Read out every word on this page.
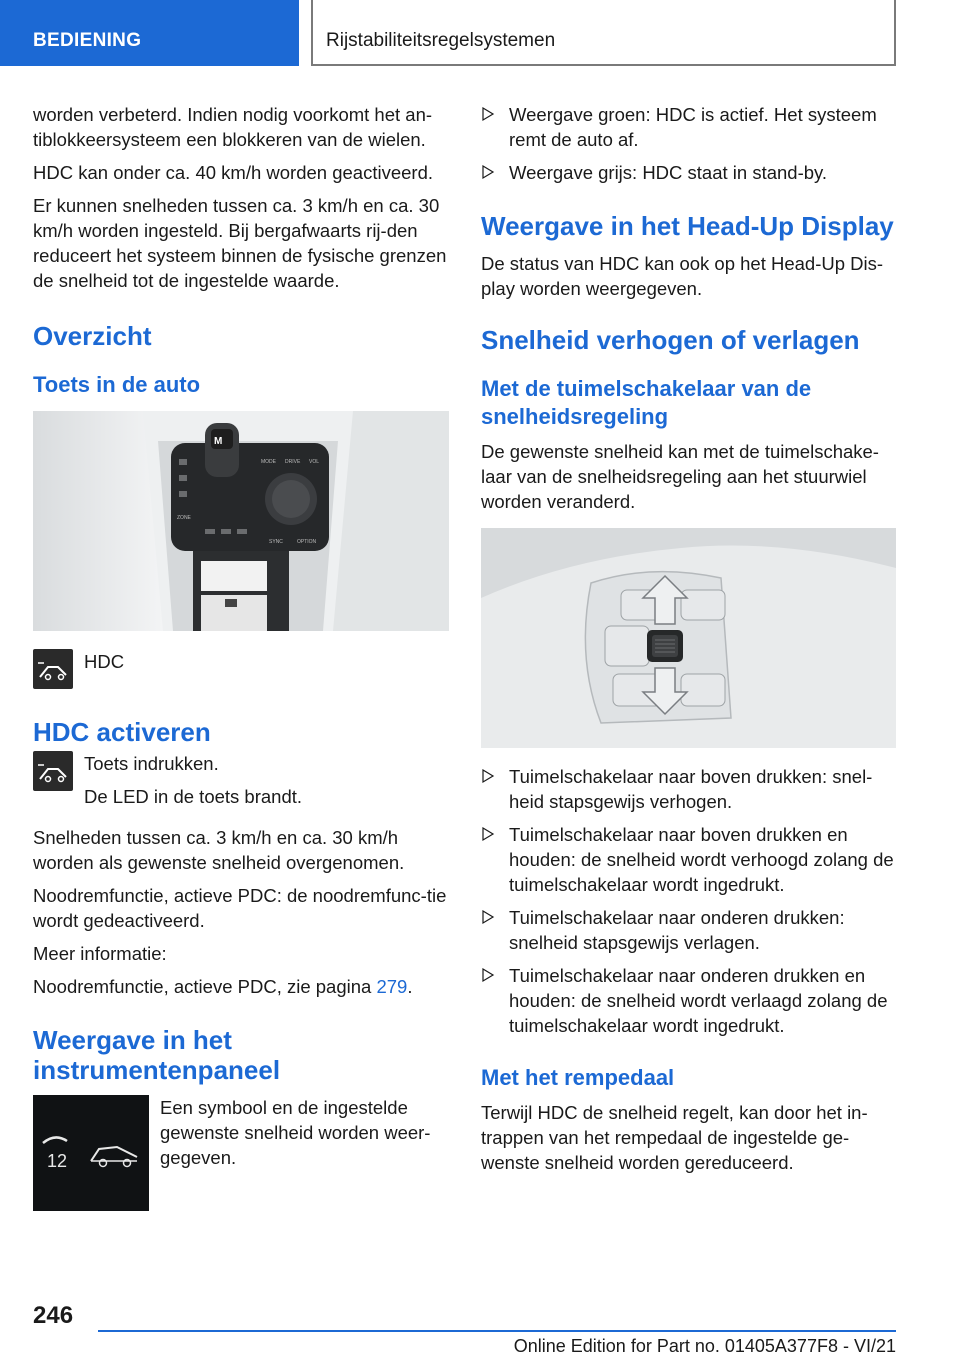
BEDIENING	Rijstabiliteitsregelsystemen

worden verbeterd. Indien nodig voorkomt het an-tiblokkeersysteem een blokkeren van de wielen.

HDC kan onder ca. 40 km/h worden geactiveerd.

Er kunnen snelheden tussen ca. 3 km/h en ca. 30 km/h worden ingesteld. Bij bergafwaarts rij-den reduceert het systeem binnen de fysische grenzen de snelheid tot de ingestelde waarde.

Overzicht
Toets in de auto
M
MODE DRIVE VOL
ZONE
SYNC	OPTION
HDC
HDC activeren

Toets indrukken.

De LED in de toets brandt.

Snelheden tussen ca. 3 km/h en ca. 30 km/h worden als gewenste snelheid overgenomen.

Noodremfunctie, actieve PDC: de noodremfunc-tie wordt gedeactiveerd.

Meer informatie:

Noodremfunctie, actieve PDC, zie pagina 279.

Weergave in het instrumentenpaneel
12
Een symbool en de ingestelde gewenste snelheid worden weer-gegeven.
Weergave groen: HDC is actief. Het systeem remt de auto af.
Weergave grijs: HDC staat in stand-by.
Weergave in het Head-Up Display

De status van HDC kan ook op het Head-Up Dis-play worden weergegeven.

Snelheid verhogen of verlagen
Met de tuimelschakelaar van de snelheidsregeling

De gewenste snelheid kan met de tuimelschake-laar van de snelheidsregeling aan het stuurwiel worden veranderd.

Tuimelschakelaar naar boven drukken: snel-heid stapsgewijs verhogen.
Tuimelschakelaar naar boven drukken en houden: de snelheid wordt verhoogd zolang de tuimelschakelaar wordt ingedrukt.
Tuimelschakelaar naar onderen drukken: snelheid stapsgewijs verlagen.
Tuimelschakelaar naar onderen drukken en houden: de snelheid wordt verlaagd zolang de tuimelschakelaar wordt ingedrukt.
Met het rempedaal

Terwijl HDC de snelheid regelt, kan door het in-trappen van het rempedaal de ingestelde ge-wenste snelheid worden gereduceerd.

246
Online Edition for Part no. 01405A377F8 - VI/21
